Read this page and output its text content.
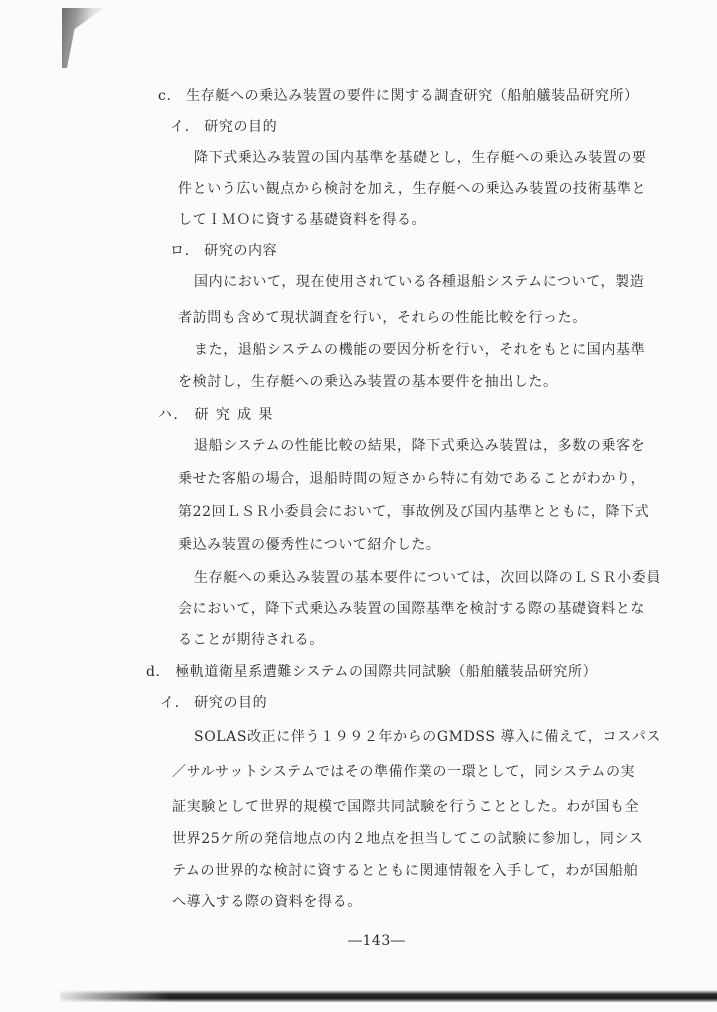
c.　生存艇への乗込み装置の要件に関する調査研究（船舶艤装品研究所）
イ.　研究の目的
降下式乗込み装置の国内基準を基礎とし，生存艇への乗込み装置の要
件という広い観点から検討を加え，生存艇への乗込み装置の技術基準と
してＩＭＯに資する基礎資料を得る。
ロ.　研究の内容
国内において，現在使用されている各種退船システムについて，製造
者訪問も含めて現状調査を行い，それらの性能比較を行った。
また，退船システムの機能の要因分析を行い，それをもとに国内基準
を検討し，生存艇への乗込み装置の基本要件を抽出した。
ハ.　研 究 成 果
退船システムの性能比較の結果，降下式乗込み装置は，多数の乗客を
乗せた客船の場合，退船時間の短さから特に有効であることがわかり，
第22回ＬＳＲ小委員会において，事故例及び国内基準とともに，降下式
乗込み装置の優秀性について紹介した。
生存艇への乗込み装置の基本要件については，次回以降のＬＳＲ小委員
会において，降下式乗込み装置の国際基準を検討する際の基礎資料とな
ることが期待される。
d.　極軌道衛星系遭難システムの国際共同試験（船舶艤装品研究所）
イ.　研究の目的
SOLAS改正に伴う１９９２年からのGMDSS 導入に備えて，コスパス
／サルサットシステムではその準備作業の一環として，同システムの実
証実験として世界的規模で国際共同試験を行うこととした。わが国も全
世界25ケ所の発信地点の内２地点を担当してこの試験に参加し，同シス
テムの世界的な検討に資するとともに関連情報を入手して，わが国船舶
へ導入する際の資料を得る。
―143―
